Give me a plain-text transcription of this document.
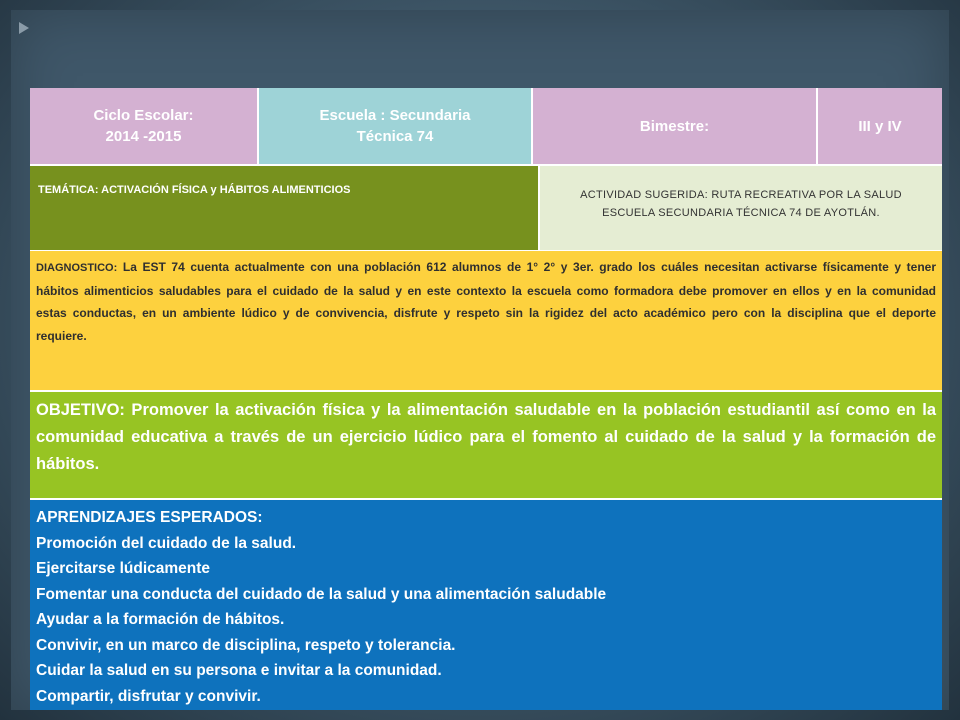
Ciclo Escolar:
2014 -2015
Escuela : Secundaria
Técnica 74
Bimestre:	III y IV
TEMÁTICA: ACTIVACIÓN FÍSICA y HÁBITOS ALIMENTICIOS	ACTIVIDAD SUGERIDA: RUTA RECREATIVA POR LA SALUD ESCUELA SECUNDARIA TÉCNICA 74 DE AYOTLÁN.
DIAGNOSTICO: La EST 74 cuenta actualmente con una población 612 alumnos de 1° 2° y 3er. grado los cuáles necesitan activarse físicamente y tener hábitos alimenticios saludables para el cuidado de la salud y en este contexto la escuela como formadora debe promover en ellos y en la comunidad estas conductas, en un ambiente lúdico y de convivencia, disfrute y respeto sin la rigidez del acto académico pero con la disciplina que el deporte requiere.
OBJETIVO: Promover la activación física y la alimentación saludable en la población estudiantil así como en la comunidad educativa a través de un ejercicio lúdico para el fomento al cuidado de la salud y la formación de hábitos.
APRENDIZAJES ESPERADOS:
Promoción del cuidado de la salud.
Ejercitarse lúdicamente
Fomentar una conducta del cuidado de la salud y una alimentación saludable
Ayudar a la formación de hábitos.
Convivir, en un marco de disciplina, respeto y tolerancia.
Cuidar la salud en su persona e invitar a la comunidad.
Compartir, disfrutar y convivir.
